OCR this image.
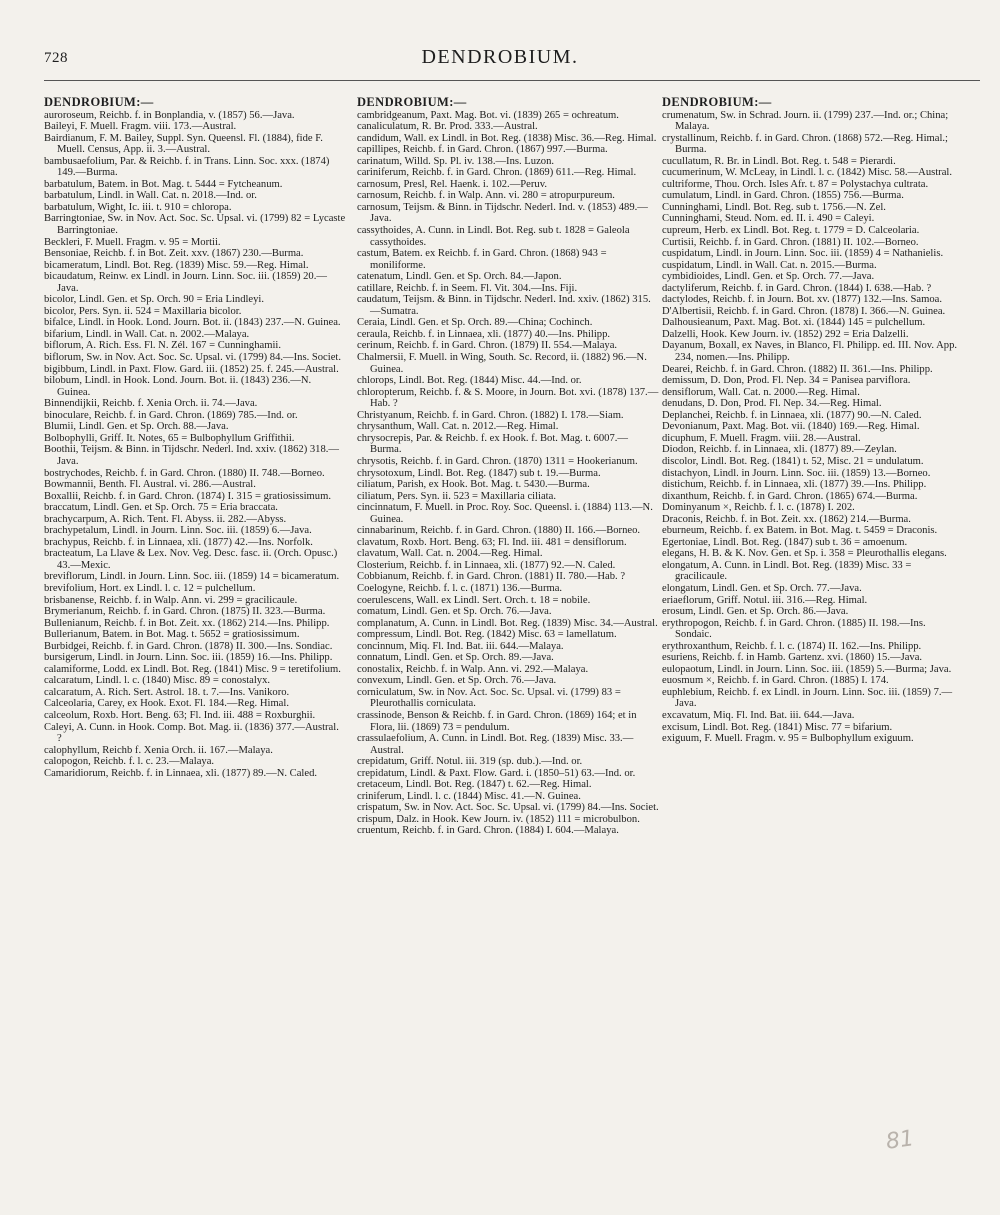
728	DENDROBIUM.
DENDROBIUM:—

auroroseum, Reichb. f. in Bonplandia, v. (1857) 56.—Java.

Baileyi, F. Muell. Fragm. viii. 173.—Austral.

Bairdianum, F. M. Bailey, Suppl. Syn. Queensl. Fl. (1884), fide F. Muell. Census, App. ii. 3.—Austral.

bambusaefolium, Par. & Reichb. f. in Trans. Linn. Soc. xxx. (1874) 149.—Burma.

barbatulum, Batem. in Bot. Mag. t. 5444 = Fytcheanum.

barbatulum, Lindl. in Wall. Cat. n. 2018.—Ind. or.

barbatulum, Wight, Ic. iii. t. 910 = chloropa.

Barringtoniae, Sw. in Nov. Act. Soc. Sc. Upsal. vi. (1799) 82 = Lycaste Barringtoniae.

Beckleri, F. Muell. Fragm. v. 95 = Mortii.

Bensoniae, Reichb. f. in Bot. Zeit. xxv. (1867) 230.—Burma.

bicameratum, Lindl. Bot. Reg. (1839) Misc. 59.—Reg. Himal.

bicaudatum, Reinw. ex Lindl. in Journ. Linn. Soc. iii. (1859) 20.—Java.

bicolor, Lindl. Gen. et Sp. Orch. 90 = Eria Lindleyi.

bicolor, Pers. Syn. ii. 524 = Maxillaria bicolor.

bifalce, Lindl. in Hook. Lond. Journ. Bot. ii. (1843) 237.—N. Guinea.

bifarium, Lindl. in Wall. Cat. n. 2002.—Malaya.

biflorum, A. Rich. Ess. Fl. N. Zél. 167 = Cunninghamii.

biflorum, Sw. in Nov. Act. Soc. Sc. Upsal. vi. (1799) 84.—Ins. Societ.

bigibbum, Lindl. in Paxt. Flow. Gard. iii. (1852) 25. f. 245.—Austral.

bilobum, Lindl. in Hook. Lond. Journ. Bot. ii. (1843) 236.—N. Guinea.

Binnendijkii, Reichb. f. Xenia Orch. ii. 74.—Java.

binoculare, Reichb. f. in Gard. Chron. (1869) 785.—Ind. or.

Blumii, Lindl. Gen. et Sp. Orch. 88.—Java.

Bolbophylli, Griff. It. Notes, 65 = Bulbophyllum Griffithii.

Boothii, Teijsm. & Binn. in Tijdschr. Nederl. Ind. xxiv. (1862) 318.—Java.

bostrychodes, Reichb. f. in Gard. Chron. (1880) II. 748.—Borneo.

Bowmannii, Benth. Fl. Austral. vi. 286.—Austral.

Boxallii, Reichb. f. in Gard. Chron. (1874) I. 315 = gratiosissimum.

braccatum, Lindl. Gen. et Sp. Orch. 75 = Eria braccata.

brachycarpum, A. Rich. Tent. Fl. Abyss. ii. 282.—Abyss.

brachypetalum, Lindl. in Journ. Linn. Soc. iii. (1859) 6.—Java.

brachypus, Reichb. f. in Linnaea, xli. (1877) 42.—Ins. Norfolk.

bracteatum, La Llave & Lex. Nov. Veg. Desc. fasc. ii. (Orch. Opusc.) 43.—Mexic.

breviflorum, Lindl. in Journ. Linn. Soc. iii. (1859) 14 = bicameratum.

brevifolium, Hort. ex Lindl. l. c. 12 = pulchellum.

brisbanense, Reichb. f. in Walp. Ann. vi. 299 = gracilicaule.

Brymerianum, Reichb. f. in Gard. Chron. (1875) II. 323.—Burma.

Bullenianum, Reichb. f. in Bot. Zeit. xx. (1862) 214.—Ins. Philipp.

Bullerianum, Batem. in Bot. Mag. t. 5652 = gratiosissimum.

Burbidgei, Reichb. f. in Gard. Chron. (1878) II. 300.—Ins. Sondiac.

bursigerum, Lindl. in Journ. Linn. Soc. iii. (1859) 16.—Ins. Philipp.

calamiforme, Lodd. ex Lindl. Bot. Reg. (1841) Misc. 9 = teretifolium.

calcaratum, Lindl. l. c. (1840) Misc. 89 = conostalyx.

calcaratum, A. Rich. Sert. Astrol. 18. t. 7.—Ins. Vanikoro.

Calceolaria, Carey, ex Hook. Exot. Fl. 184.—Reg. Himal.

calceolum, Roxb. Hort. Beng. 63; Fl. Ind. iii. 488 = Roxburghii.

Caleyi, A. Cunn. in Hook. Comp. Bot. Mag. ii. (1836) 377.—Austral. ?

calophyllum, Reichb f. Xenia Orch. ii. 167.—Malaya.

calopogon, Reichb. f. l. c. 23.—Malaya.

Camaridiorum, Reichb. f. in Linnaea, xli. (1877) 89.—N. Caled.

DENDROBIUM:—

cambridgeanum, Paxt. Mag. Bot. vi. (1839) 265 = ochreatum.

canaliculatum, R. Br. Prod. 333.—Austral.

candidum, Wall. ex Lindl. in Bot. Reg. (1838) Misc. 36.—Reg. Himal.

capillipes, Reichb. f. in Gard. Chron. (1867) 997.—Burma.

carinatum, Willd. Sp. Pl. iv. 138.—Ins. Luzon.

cariniferum, Reichb. f. in Gard. Chron. (1869) 611.—Reg. Himal.

carnosum, Presl, Rel. Haenk. i. 102.—Peruv.

carnosum, Reichb. f. in Walp. Ann. vi. 280 = atropurpureum.

carnosum, Teijsm. & Binn. in Tijdschr. Nederl. Ind. v. (1853) 489.—Java.

cassythoides, A. Cunn. in Lindl. Bot. Reg. sub t. 1828 = Galeola cassythoides.

castum, Batem. ex Reichb. f. in Gard. Chron. (1868) 943 = moniliforme.

catenatum, Lindl. Gen. et Sp. Orch. 84.—Japon.

catillare, Reichb. f. in Seem. Fl. Vit. 304.—Ins. Fiji.

caudatum, Teijsm. & Binn. in Tijdschr. Nederl. Ind. xxiv. (1862) 315.—Sumatra.

Ceraia, Lindl. Gen. et Sp. Orch. 89.—China; Cochinch.

ceraula, Reichb. f. in Linnaea, xli. (1877) 40.—Ins. Philipp.

cerinum, Reichb. f. in Gard. Chron. (1879) II. 554.—Malaya.

Chalmersii, F. Muell. in Wing, South. Sc. Record, ii. (1882) 96.—N. Guinea.

chlorops, Lindl. Bot. Reg. (1844) Misc. 44.—Ind. or.

chloropterum, Reichb. f. & S. Moore, in Journ. Bot. xvi. (1878) 137.—Hab. ?

Christyanum, Reichb. f. in Gard. Chron. (1882) I. 178.—Siam.

chrysanthum, Wall. Cat. n. 2012.—Reg. Himal.

chrysocrepis, Par. & Reichb. f. ex Hook. f. Bot. Mag. t. 6007.—Burma.

chrysotis, Reichb. f. in Gard. Chron. (1870) 1311 = Hookerianum.

chrysotoxum, Lindl. Bot. Reg. (1847) sub t. 19.—Burma.

ciliatum, Parish, ex Hook. Bot. Mag. t. 5430.—Burma.

ciliatum, Pers. Syn. ii. 523 = Maxillaria ciliata.

cincinnatum, F. Muell. in Proc. Roy. Soc. Queensl. i. (1884) 113.—N. Guinea.

cinnabarinum, Reichb. f. in Gard. Chron. (1880) II. 166.—Borneo.

clavatum, Roxb. Hort. Beng. 63; Fl. Ind. iii. 481 = densiflorum.

clavatum, Wall. Cat. n. 2004.—Reg. Himal.

Closterium, Reichb. f. in Linnaea, xli. (1877) 92.—N. Caled.

Cobbianum, Reichb. f. in Gard. Chron. (1881) II. 780.—Hab. ?

Coelogyne, Reichb. f. l. c. (1871) 136.—Burma.

coerulescens, Wall. ex Lindl. Sert. Orch. t. 18 = nobile.

comatum, Lindl. Gen. et Sp. Orch. 76.—Java.

complanatum, A. Cunn. in Lindl. Bot. Reg. (1839) Misc. 34.—Austral.

compressum, Lindl. Bot. Reg. (1842) Misc. 63 = lamellatum.

concinnum, Miq. Fl. Ind. Bat. iii. 644.—Malaya.

connatum, Lindl. Gen. et Sp. Orch. 89.—Java.

conostalix, Reichb. f. in Walp. Ann. vi. 292.—Malaya.

convexum, Lindl. Gen. et Sp. Orch. 76.—Java.

corniculatum, Sw. in Nov. Act. Soc. Sc. Upsal. vi. (1799) 83 = Pleurothallis corniculata.

crassinode, Benson & Reichb. f. in Gard. Chron. (1869) 164; et in Flora, lii. (1869) 73 = pendulum.

crassulaefolium, A. Cunn. in Lindl. Bot. Reg. (1839) Misc. 33.—Austral.

crepidatum, Griff. Notul. iii. 319 (sp. dub.).—Ind. or.

crepidatum, Lindl. & Paxt. Flow. Gard. i. (1850–51) 63.—Ind. or.

cretaceum, Lindl. Bot. Reg. (1847) t. 62.—Reg. Himal.

criniferum, Lindl. l. c. (1844) Misc. 41.—N. Guinea.

crispatum, Sw. in Nov. Act. Soc. Sc. Upsal. vi. (1799) 84.—Ins. Societ.

crispum, Dalz. in Hook. Kew Journ. iv. (1852) 111 = microbulbon.

cruentum, Reichb. f. in Gard. Chron. (1884) I. 604.—Malaya.

DENDROBIUM:—

crumenatum, Sw. in Schrad. Journ. ii. (1799) 237.—Ind. or.; China; Malaya.

crystallinum, Reichb. f. in Gard. Chron. (1868) 572.—Reg. Himal.; Burma.

cucullatum, R. Br. in Lindl. Bot. Reg. t. 548 = Pierardi.

cucumerinum, W. McLeay, in Lindl. l. c. (1842) Misc. 58.—Austral.

cultriforme, Thou. Orch. Isles Afr. t. 87 = Polystachya cultrata.

cumulatum, Lindl. in Gard. Chron. (1855) 756.—Burma.

Cunninghami, Lindl. Bot. Reg. sub t. 1756.—N. Zel.

Cunninghami, Steud. Nom. ed. II. i. 490 = Caleyi.

cupreum, Herb. ex Lindl. Bot. Reg. t. 1779 = D. Calceolaria.

Curtisii, Reichb. f. in Gard. Chron. (1881) II. 102.—Borneo.

cuspidatum, Lindl. in Journ. Linn. Soc. iii. (1859) 4 = Nathanielis.

cuspidatum, Lindl. in Wall. Cat. n. 2015.—Burma.

cymbidioides, Lindl. Gen. et Sp. Orch. 77.—Java.

dactyliferum, Reichb. f. in Gard. Chron. (1844) I. 638.—Hab. ?

dactylodes, Reichb. f. in Journ. Bot. xv. (1877) 132.—Ins. Samoa.

D'Albertisii, Reichb. f. in Gard. Chron. (1878) I. 366.—N. Guinea.

Dalhousieanum, Paxt. Mag. Bot. xi. (1844) 145 = pulchellum.

Dalzelli, Hook. Kew Journ. iv. (1852) 292 = Eria Dalzelli.

Dayanum, Boxall, ex Naves, in Blanco, Fl. Philipp. ed. III. Nov. App. 234, nomen.—Ins. Philipp.

Dearei, Reichb. f. in Gard. Chron. (1882) II. 361.—Ins. Philipp.

demissum, D. Don, Prod. Fl. Nep. 34 = Panisea parviflora.

densiflorum, Wall. Cat. n. 2000.—Reg. Himal.

denudans, D. Don, Prod. Fl. Nep. 34.—Reg. Himal.

Deplanchei, Reichb. f. in Linnaea, xli. (1877) 90.—N. Caled.

Devonianum, Paxt. Mag. Bot. vii. (1840) 169.—Reg. Himal.

dicuphum, F. Muell. Fragm. viii. 28.—Austral.

Diodon, Reichb. f. in Linnaea, xli. (1877) 89.—Zeylan.

discolor, Lindl. Bot. Reg. (1841) t. 52, Misc. 21 = undulatum.

distachyon, Lindl. in Journ. Linn. Soc. iii. (1859) 13.—Borneo.

distichum, Reichb. f. in Linnaea, xli. (1877) 39.—Ins. Philipp.

dixanthum, Reichb. f. in Gard. Chron. (1865) 674.—Burma.

Dominyanum ×, Reichb. f. l. c. (1878) I. 202.

Draconis, Reichb. f. in Bot. Zeit. xx. (1862) 214.—Burma.

eburneum, Reichb. f. ex Batem. in Bot. Mag. t. 5459 = Draconis.

Egertoniae, Lindl. Bot. Reg. (1847) sub t. 36 = amoenum.

elegans, H. B. & K. Nov. Gen. et Sp. i. 358 = Pleurothallis elegans.

elongatum, A. Cunn. in Lindl. Bot. Reg. (1839) Misc. 33 = gracilicaule.

elongatum, Lindl. Gen. et Sp. Orch. 77.—Java.

eriaeflorum, Griff. Notul. iii. 316.—Reg. Himal.

erosum, Lindl. Gen. et Sp. Orch. 86.—Java.

erythropogon, Reichb. f. in Gard. Chron. (1885) II. 198.—Ins. Sondaic.

erythroxanthum, Reichb. f. l. c. (1874) II. 162.—Ins. Philipp.

esuriens, Reichb. f. in Hamb. Gartenz. xvi. (1860) 15.—Java.

eulopaotum, Lindl. in Journ. Linn. Soc. iii. (1859) 5.—Burma; Java.

euosmum ×, Reichb. f. in Gard. Chron. (1885) I. 174.

euphlebium, Reichb. f. ex Lindl. in Journ. Linn. Soc. iii. (1859) 7.—Java.

excavatum, Miq. Fl. Ind. Bat. iii. 644.—Java.

excisum, Lindl. Bot. Reg. (1841) Misc. 77 = bifarium.

exiguum, F. Muell. Fragm. v. 95 = Bulbophyllum exiguum.

81
